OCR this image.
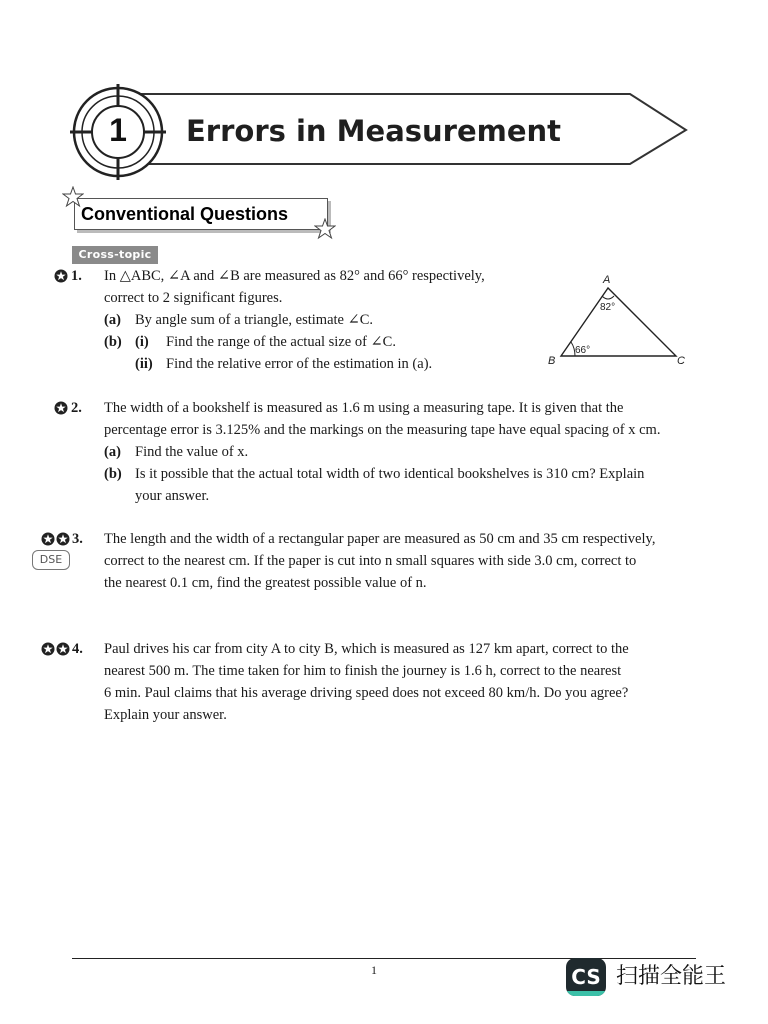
1 Errors in Measurement
Conventional Questions
Cross-topic
1. In △ABC, ∠A and ∠B are measured as 82° and 66° respectively,
correct to 2 significant figures.
(a) By angle sum of a triangle, estimate ∠C.
(b) (i) Find the range of the actual size of ∠C.
(ii) Find the relative error of the estimation in (a).
A
B	C
82°
66°
2. The width of a bookshelf is measured as 1.6 m using a measuring tape. It is given that the
percentage error is 3.125% and the markings on the measuring tape have equal spacing of x cm.
(a) Find the value of x.
(b) Is it possible that the actual total width of two identical bookshelves is 310 cm? Explain
your answer.
3.
DSE
The length and the width of a rectangular paper are measured as 50 cm and 35 cm respectively,
correct to the nearest cm. If the paper is cut into n small squares with side 3.0 cm, correct to
the nearest 0.1 cm, find the greatest possible value of n.
4. Paul drives his car from city A to city B, which is measured as 127 km apart, correct to the
nearest 500 m. The time taken for him to finish the journey is 1.6 h, correct to the nearest
6 min. Paul claims that his average driving speed does not exceed 80 km/h. Do you agree?
Explain your answer.
1	CS 扫描全能王
